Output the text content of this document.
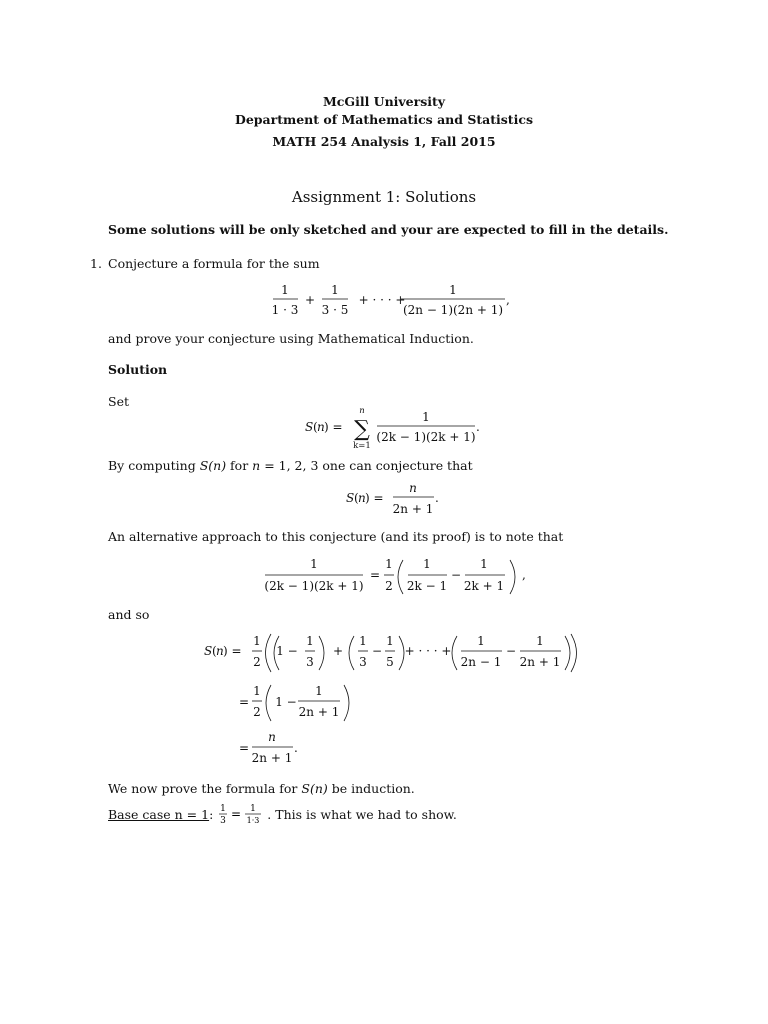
McGill University
Department of Mathematics and Statistics
MATH 254 Analysis 1, Fall 2015
Assignment 1: Solutions
Some solutions will be only sketched and your are expected to fill in the details.
1. Conjecture a formula for the sum
1
1 · 3
+
1
3 · 5
+ · · · +
1
(2n − 1)(2n + 1)
,
and prove your conjecture using Mathematical Induction.
Solution
Set
S ( n ) =
n
∑
k=1
1
(2k − 1)(2k + 1)
.
By computing S(n) for n = 1, 2, 3 one can conjecture that
S ( n ) =
n
2n + 1
.
An alternative approach to this conjecture (and its proof) is to note that
1
(2k − 1)(2k + 1)
=
1
2
1
2k − 1
−
1
2k + 1
,
and so
S ( n ) =
1
2
1 −
1
3
+
1
3
−
1
5
+ · · · +
1
2n − 1
−
1
2n + 1
=
1
2
1 −
1
2n + 1
=
n
2n + 1
.
We now prove the formula for S(n) be induction.
Base case n = 1: 1
3 = 1
1·3 . This is what we had to show.
